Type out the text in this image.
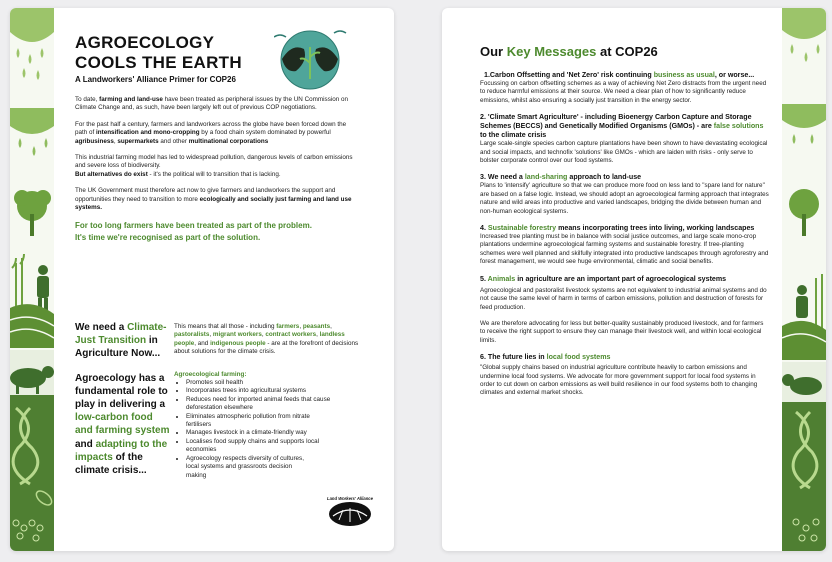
AGROECOLOGY
COOLS THE EARTH
A Landworkers' Alliance Primer for COP26

To date, farming and land-use have been treated as peripheral issues by the UN Commission on Climate Change and, as such, have been largely left out of previous COP negotiations.

For the past half a century, farmers and landworkers across the globe have been forced down the path of intensification and mono-cropping by a food chain system dominated by powerful agribusiness, supermarkets and other multinational corporations

This industrial farming model has led to widespread pollution, dangerous levels of carbon emissions and severe loss of biodiversity.
But alternatives do exist - it's the political will to transition that is lacking.

The UK Government must therefore act now to give farmers and landworkers the support and opportunities they need to transition to more ecologically and socially just farming and land use systems.

For too long farmers have been treated as part of the problem.
It's time we're recognised as part of the solution.
We need a Climate-Just Transition in Agriculture Now...
Agroecology has a fundamental role to play in delivering a low-carbon food and farming system and adapting to the impacts of the climate crisis...

This means that all those - including farmers, peasants, pastoralists, migrant workers, contract workers, landless people, and indigenous people - are at the forefront of decisions about solutions for the climate crisis.

Agroecological farming:
• Promotes soil health
• Incorporates trees into agricultural systems
• Reduces need for imported animal feeds that cause deforestation elsewhere
• Eliminates atmospheric pollution from nitrate fertilisers
• Manages livestock in a climate-friendly way
• Localises food supply chains and supports local economies
• Agroecology respects diversity of cultures, local systems and grassroots decision making
Land Workers' Alliance
Our Key Messages at COP26
1.Carbon Offsetting and 'Net Zero' risk continuing business as usual, or worse...

Focussing on carbon offsetting schemes as a way of achieving Net Zero distracts from the urgent need to reduce harmful emissions at their source. We need a clear plan of how to significantly reduce emissions, whilst also ensuring a socially just transition in the energy sector.

2. 'Climate Smart Agriculture' - including Bioenergy Carbon Capture and Storage Schemes (BECCS) and Genetically Modified Organisms (GMOs) - are false solutions to the climate crisis

Large scale-single species carbon capture plantations have been shown to have devastating ecological and social impacts, and technofix 'solutions' like GMOs - which are laiden with risks - only serve to bolster corporate control over our food systems.

3. We need a land-sharing approach to land-use

Plans to 'intensify' agriculture so that we can produce more food on less land to "spare land for nature" are based on a false logic. Instead, we should adopt an agroecological farming approach that integrates nature and wild areas into productive and varied landscapes, bridging the divide between human and non-human ecological systems.

4. Sustainable forestry means incorporating trees into living, working landscapes

Increased tree planting must be in balance with social justice outcomes, and large scale mono-crop plantations undermine agroecological farming systems and sustainable forestry. If tree-planting schemes were well planned and skilfully integrated into productive landscapes through agroforestry and forest management, we would see huge environmental, climatic and social benefits.

5. Animals in agriculture are an important part of agroecological systems

Agroecological and pastoralist livestock systems are not equivalent to industrial animal systems and do not cause the same level of harm in terms of carbon emissions, pollution and destruction of forests for feed production.

We are therefore advocating for less but better-quality sustainably produced livestock, and for farmers to receive the right support to ensure they can manage their livestock well, and within local ecological limits.

6. The future lies in local food systems

"Global supply chains based on industrial agriculture contribute heavily to carbon emissions and undermine local food systems. We advocate for more government support for local food systems in order to cut down on carbon emissions as well build resilience in our food systems both to changing climates and external market shocks.
